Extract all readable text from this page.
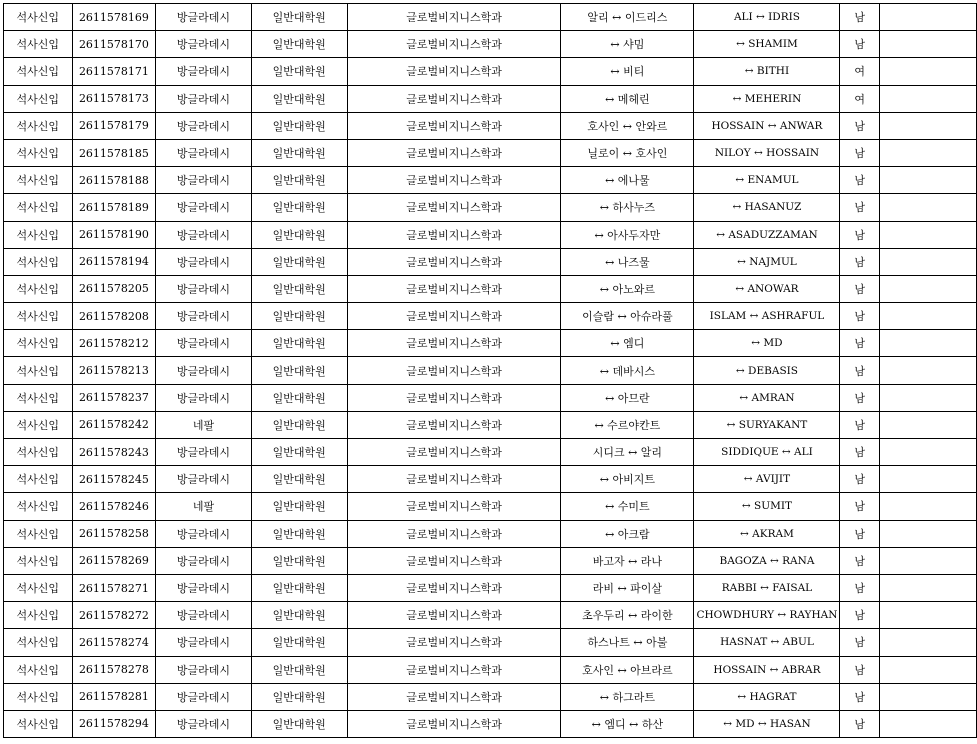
석사신입	2611578169	방글라데시	일반대학원	글로벌비지니스학과	알리 ↔ 이드리스	ALI ↔ IDRIS	남	
석사신입	2611578170	방글라데시	일반대학원	글로벌비지니스학과	↔ 샤밈	↔ SHAMIM	남	
석사신입	2611578171	방글라데시	일반대학원	글로벌비지니스학과	↔ 비티	↔ BITHI	여	
석사신입	2611578173	방글라데시	일반대학원	글로벌비지니스학과	↔ 메헤린	↔ MEHERIN	여	
석사신입	2611578179	방글라데시	일반대학원	글로벌비지니스학과	호사인 ↔ 안와르	HOSSAIN ↔ ANWAR	남	
석사신입	2611578185	방글라데시	일반대학원	글로벌비지니스학과	닐로이 ↔ 호사인	NILOY ↔ HOSSAIN	남	
석사신입	2611578188	방글라데시	일반대학원	글로벌비지니스학과	↔ 에나물	↔ ENAMUL	남	
석사신입	2611578189	방글라데시	일반대학원	글로벌비지니스학과	↔ 하사누즈	↔ HASANUZ	남	
석사신입	2611578190	방글라데시	일반대학원	글로벌비지니스학과	↔ 아사두자만	↔ ASADUZZAMAN	남	
석사신입	2611578194	방글라데시	일반대학원	글로벌비지니스학과	↔ 나즈물	↔ NAJMUL	남	
석사신입	2611578205	방글라데시	일반대학원	글로벌비지니스학과	↔ 아노와르	↔ ANOWAR	남	
석사신입	2611578208	방글라데시	일반대학원	글로벌비지니스학과	이슬람 ↔ 아슈라풀	ISLAM ↔ ASHRAFUL	남	
석사신입	2611578212	방글라데시	일반대학원	글로벌비지니스학과	↔ 엠디	↔ MD	남	
석사신입	2611578213	방글라데시	일반대학원	글로벌비지니스학과	↔ 데바시스	↔ DEBASIS	남	
석사신입	2611578237	방글라데시	일반대학원	글로벌비지니스학과	↔ 아므란	↔ AMRAN	남	
석사신입	2611578242	네팔	일반대학원	글로벌비지니스학과	↔ 수르야칸트	↔ SURYAKANT	남	
석사신입	2611578243	방글라데시	일반대학원	글로벌비지니스학과	시디크 ↔ 알리	SIDDIQUE ↔ ALI	남	
석사신입	2611578245	방글라데시	일반대학원	글로벌비지니스학과	↔ 아비지트	↔ AVIJIT	남	
석사신입	2611578246	네팔	일반대학원	글로벌비지니스학과	↔ 수미트	↔ SUMIT	남	
석사신입	2611578258	방글라데시	일반대학원	글로벌비지니스학과	↔ 아크람	↔ AKRAM	남	
석사신입	2611578269	방글라데시	일반대학원	글로벌비지니스학과	바고자 ↔ 라나	BAGOZA ↔ RANA	남	
석사신입	2611578271	방글라데시	일반대학원	글로벌비지니스학과	라비 ↔ 파이살	RABBI ↔ FAISAL	남	
석사신입	2611578272	방글라데시	일반대학원	글로벌비지니스학과	초우두리 ↔ 라이한	CHOWDHURY ↔ RAYHAN	남	
석사신입	2611578274	방글라데시	일반대학원	글로벌비지니스학과	하스나트 ↔ 아불	HASNAT ↔ ABUL	남	
석사신입	2611578278	방글라데시	일반대학원	글로벌비지니스학과	호사인 ↔ 아브라르	HOSSAIN ↔ ABRAR	남	
석사신입	2611578281	방글라데시	일반대학원	글로벌비지니스학과	↔ 하그라트	↔ HAGRAT	남	
석사신입	2611578294	방글라데시	일반대학원	글로벌비지니스학과	↔ 엠디 ↔ 하산	↔ MD ↔ HASAN	남	
